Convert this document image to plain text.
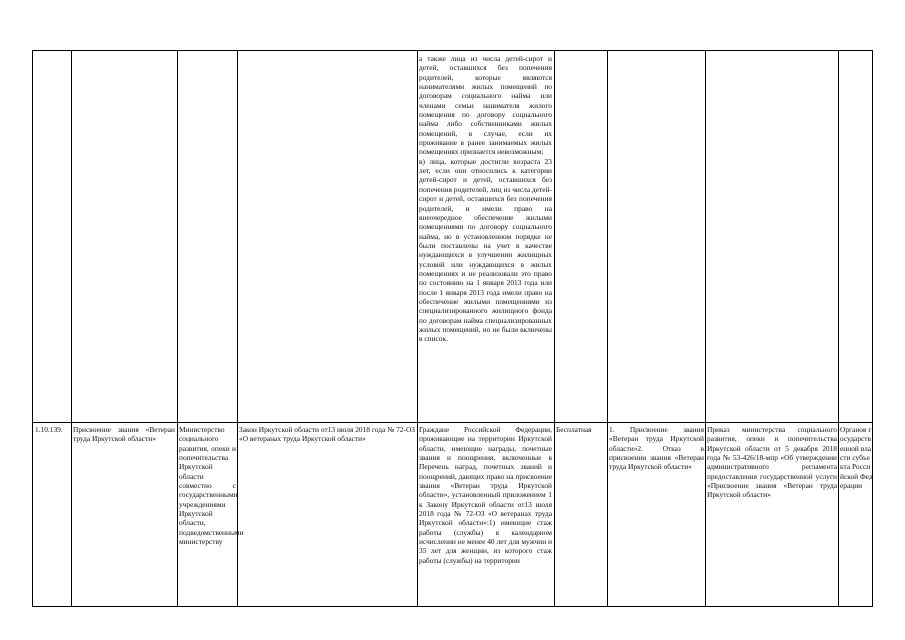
а также лица из числа детей-сирот и детей, оставшихся без попечения родителей, которые являются нанимателями жилых помещений по договорам социального найма или членами семьи нанимателя жилого помещения по договору социального найма либо собственниками жилых помещений, в случае, если их проживание в ранее занимаемых жилых помещениях признается невозможным;

в) лица, которые достигли возраста 23 лет, если они относились к категории детей-сирот и детей, оставшихся без попечения родителей, лиц из числа детей-сирот и детей, оставшихся без попечения родителей, и имели право на внеочередное обеспечение жилыми помещениями по договору социального найма, но в установленном порядке не были поставлены на учет в качестве нуждающихся в улучшении жилищных условий или нуждающихся в жилых помещениях и не реализовали это право по состоянию на 1 января 2013 года или после 1 января 2013 года имели право на обеспечение жилыми помещениями из специализированного жилищного фонда по договорам найма специализированных жилых помещений, но не были включены в список.

1.10.139.	Присвоение звания «Ветеран труда Иркутской области»

Министерство социального развития, опеки и попечительства Иркутской области совместно с государственными учреждениями Иркутской области, подведомственными министерству

Закон Иркутской области от13 июля 2018 года № 72-ОЗ «О ветеранах труда Иркутской области»

Граждане Российской Федерации, проживающие на территории Иркутской области, имеющие награды, почетные звания и поощрения, включенные в Перечень наград, почетных званий и поощрений, дающих право на присвоение звания «Ветеран труда Иркутской области», установленный приложением 1 к Закону Иркутской области от13 июля 2018 года № 72-ОЗ «О ветеранах труда Иркутской области»:1) имеющие стаж работы (службы) в календарном исчислении не менее 40 лет для мужчин и 35 лет для женщин, из которого стаж работы (службы) на территории

Бесплатная	1. Присвоение звания «Ветеран труда Иркутской области»2. Отказ в присвоении звания «Ветеран труда Иркутской области»

Приказ министерства социального развития, опеки и попечительства Иркутской области от 5 декабря 2018 года № 53-426/18-мпр «Об утверждении административного регламента предоставления государственной услуги «Присвоение звания «Ветеран труда Иркутской области»

Органов государственной власти субъекта Российской Федерации
